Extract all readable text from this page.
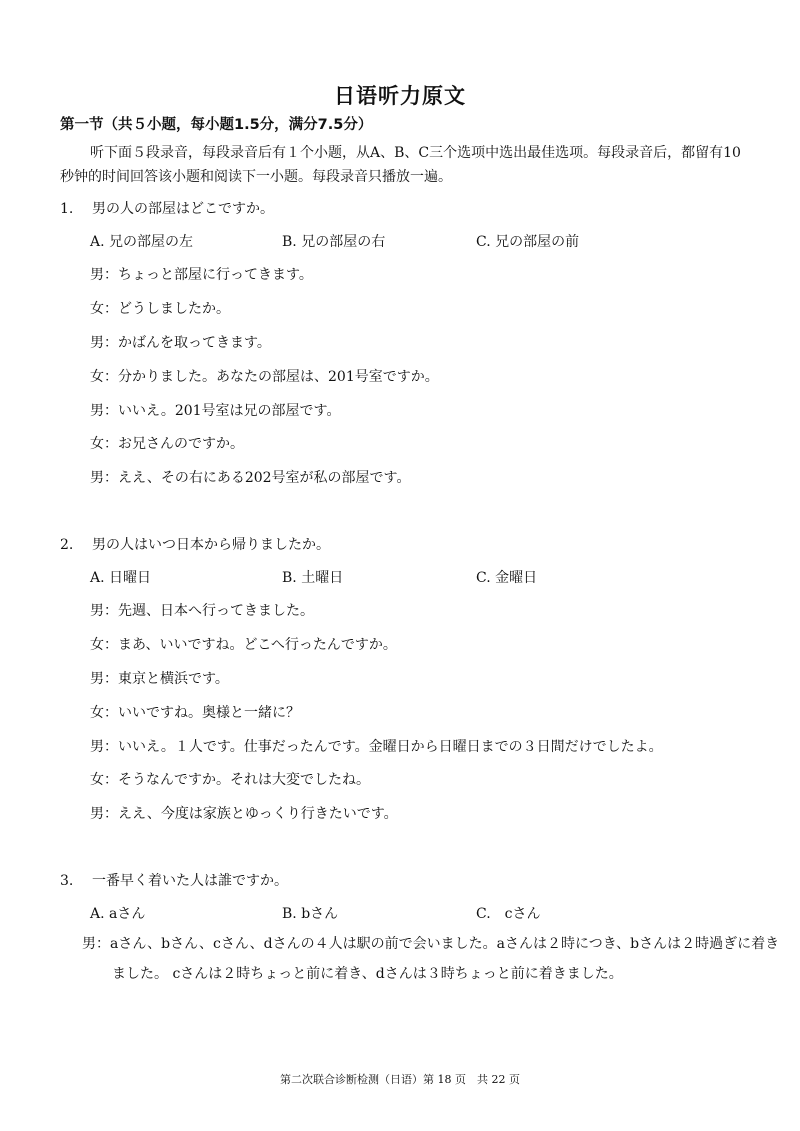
日语听力原文
第一节（共５小题，每小题1.5分，满分7.5分）

听下面５段录音，每段录音后有１个小题，从A、B、C三个选项中选出最佳选项。每段录音后，都留有10秒钟的时间回答该小题和阅读下一小题。每段录音只播放一遍。

1. 男の人の部屋はどこですか。
A. 兄の部屋の左	B. 兄の部屋の右	C. 兄の部屋の前
男：ちょっと部屋に行ってきます。
女：どうしましたか。
男：かばんを取ってきます。
女：分かりました。あなたの部屋は、201号室ですか。
男：いいえ。201号室は兄の部屋です。
女：お兄さんのですか。
男：ええ、その右にある202号室が私の部屋です。
2. 男の人はいつ日本から帰りましたか。
A. 日曜日	B. 土曜日	C. 金曜日
男：先週、日本へ行ってきました。
女：まあ、いいですね。どこへ行ったんですか。
男：東京と横浜です。
女：いいですね。奥様と一緒に？
男：いいえ。１人です。仕事だったんです。金曜日から日曜日までの３日間だけでしたよ。
女：そうなんですか。それは大変でしたね。
男：ええ、今度は家族とゆっくり行きたいです。
3. 一番早く着いた人は誰ですか。
A. aさん	B. bさん	C.　cさん
男：aさん、bさん、cさん、dさんの４人は駅の前で会いました。aさんは２時につき、bさんは２時過ぎに着きました。 cさんは２時ちょっと前に着き、dさんは３時ちょっと前に着きました。
第二次联合诊断检测（日语）第 18 页　共 22 页
